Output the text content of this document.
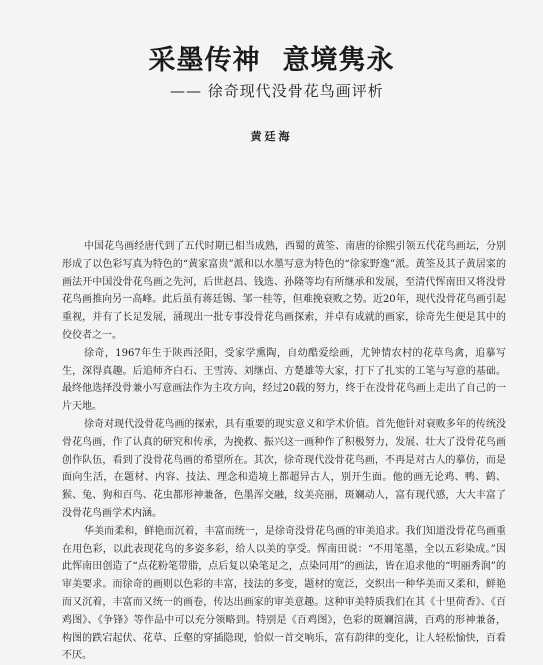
采墨传神 意境隽永
—— 徐奇现代没骨花鸟画评析
黄廷海

中国花鸟画经唐代到了五代时期已相当成熟，西蜀的黄筌、南唐的徐熙引领五代花鸟画坛，分别形成了以色彩写真为特色的“黄家富贵”派和以水墨写意为特色的“徐家野逸”派。黄筌及其子黄居寀的画法开中国没骨花鸟画之先河，后世赵昌、钱选、孙隆等均有所继承和发展，至清代恽南田又将没骨花鸟画推向另一高峰。此后虽有蒋廷锡、邹一桂等，但难挽衰败之势。近20年，现代没骨花鸟画引起重视，并有了长足发展，涌现出一批专事没骨花鸟画探索，并卓有成就的画家，徐奇先生便是其中的佼佼者之一。

徐奇，1967年生于陕西泾阳，受家学熏陶，自幼酷爱绘画，尤钟情农村的花草鸟禽，追摹写生，深得真趣。后追师齐白石、王雪涛、刘继卣、方楚雄等大家，打下了扎实的工笔与写意的基础。最终他选择没骨兼小写意画法作为主攻方向，经过20载的努力，终于在没骨花鸟画上走出了自己的一片天地。

徐奇对现代没骨花鸟画的探索，具有重要的现实意义和学术价值。首先他针对衰败多年的传统没骨花鸟画，作了认真的研究和传承，为挽救、振兴这一画种作了积极努力，发展、壮大了没骨花鸟画创作队伍，看到了没骨花鸟画的希望所在。其次，徐奇现代没骨花鸟画，不再是对古人的摹仿，而是面向生活，在题材、内容、技法、理念和造境上都超异古人，别开生面。他的画无论鸡、鸭、鹤、猴、兔、狗和百鸟、花虫都形神兼备，色墨浑交融，纹美亮丽，斑斓动人，富有现代感，大大丰富了没骨花鸟画学术内涵。

华美而柔和，鲜艳而沉着，丰富而统一，是徐奇没骨花鸟画的审美追求。我们知道没骨花鸟画重在用色彩，以此表现花鸟的多姿多彩，给人以美的享受。恽南田说：“不用笔墨，全以五彩染成。”因此恽南田创造了“点花粉笔带脂，点后复以染笔足之，点染同用”的画法，皆在追求他的“明丽秀润”的审美要求。而徐奇的画则以色彩的丰富，技法的多变，题材的宽泛，交织出一种华美而又柔和，鲜艳而又沉着，丰富而又统一的画卷，传达出画家的审美意趣。这种审美特质我们在其《十里荷香》、《百鸡图》、《争锋》等作品中可以充分领略到。特别是《百鸡图》，色彩的斑斓渲满，百鸡的形神兼备，构图的跌宕起伏、花草、丘壑的穿插隐现，恰似一首交响乐，富有韵律的变化，让人轻松愉快，百看不厌。
